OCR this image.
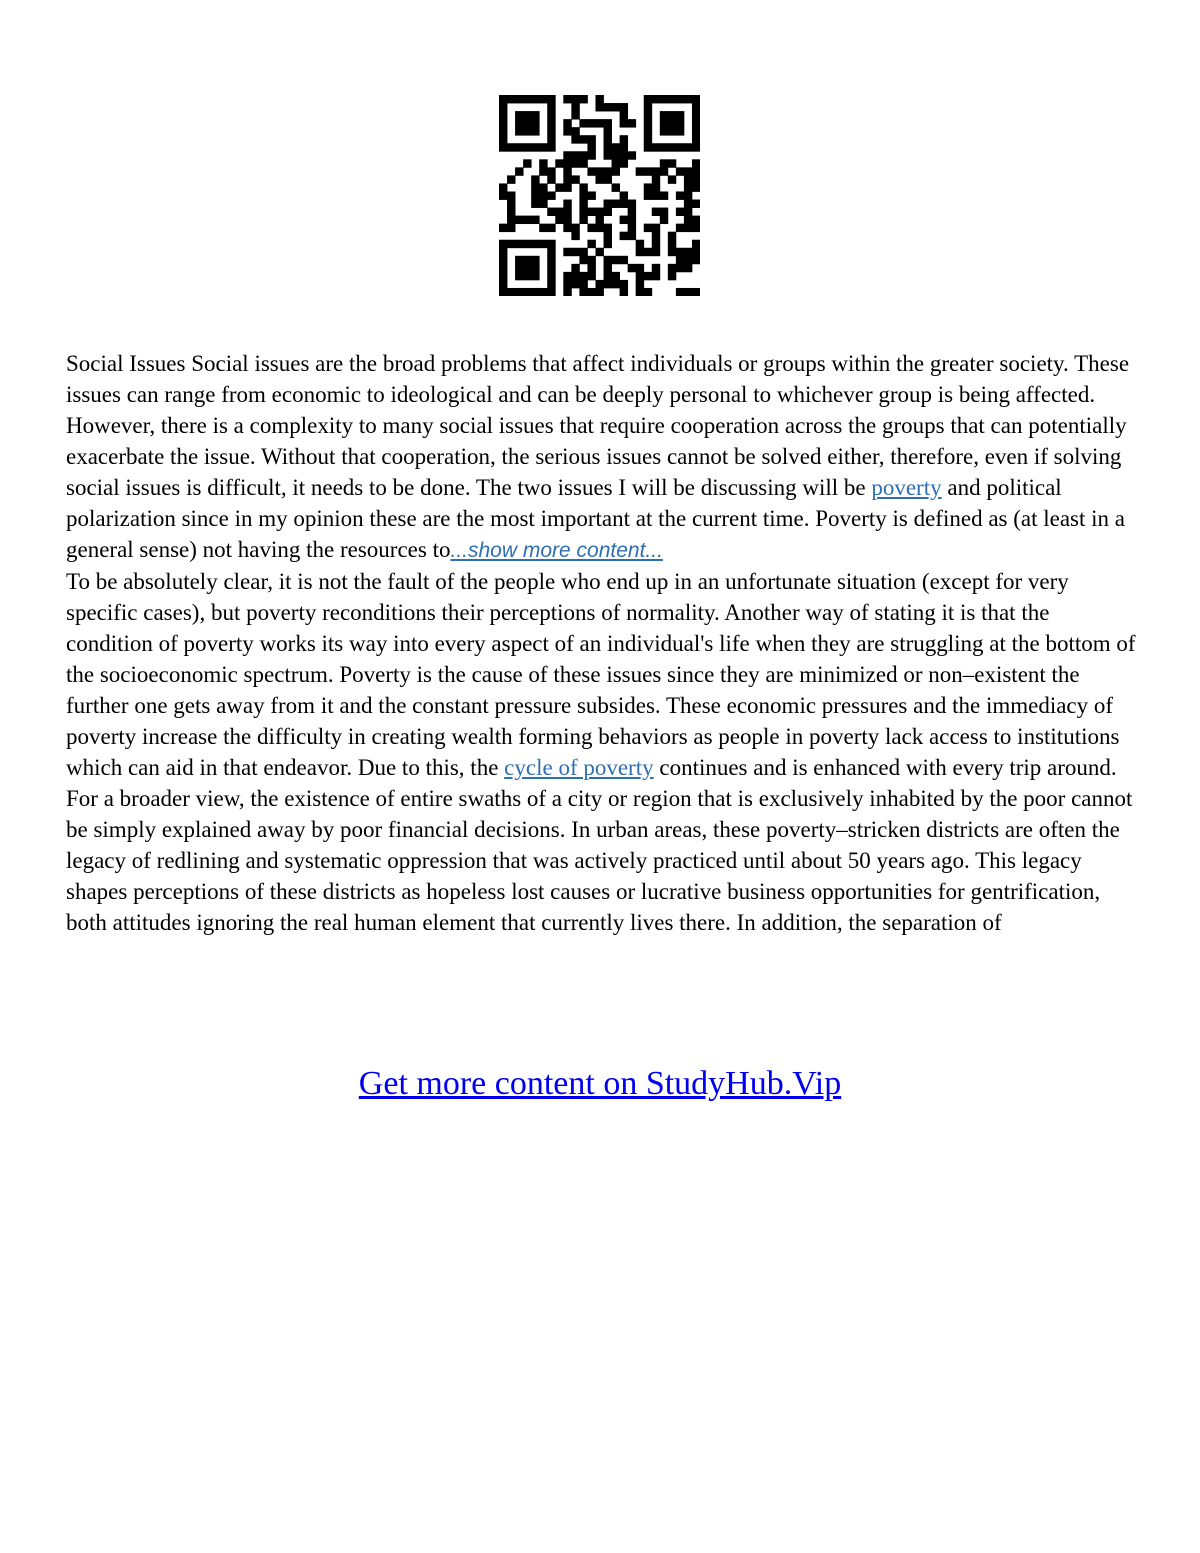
Social Issues Social issues are the broad problems that affect individuals or groups within the greater society. These issues can range from economic to ideological and can be deeply personal to whichever group is being affected. However, there is a complexity to many social issues that require cooperation across the groups that can potentially exacerbate the issue. Without that cooperation, the serious issues cannot be solved either, therefore, even if solving social issues is difficult, it needs to be done. The two issues I will be discussing will be poverty and political polarization since in my opinion these are the most important at the current time. Poverty is defined as (at least in a general sense) not having the resources to...show more content...

To be absolutely clear, it is not the fault of the people who end up in an unfortunate situation (except for very specific cases), but poverty reconditions their perceptions of normality. Another way of stating it is that the condition of poverty works its way into every aspect of an individual's life when they are struggling at the bottom of the socioeconomic spectrum. Poverty is the cause of these issues since they are minimized or non–existent the further one gets away from it and the constant pressure subsides. These economic pressures and the immediacy of poverty increase the difficulty in creating wealth forming behaviors as people in poverty lack access to institutions which can aid in that endeavor. Due to this, the cycle of poverty continues and is enhanced with every trip around. For a broader view, the existence of entire swaths of a city or region that is exclusively inhabited by the poor cannot be simply explained away by poor financial decisions. In urban areas, these poverty–stricken districts are often the legacy of redlining and systematic oppression that was actively practiced until about 50 years ago. This legacy shapes perceptions of these districts as hopeless lost causes or lucrative business opportunities for gentrification, both attitudes ignoring the real human element that currently lives there. In addition, the separation of

Get more content on StudyHub.Vip
